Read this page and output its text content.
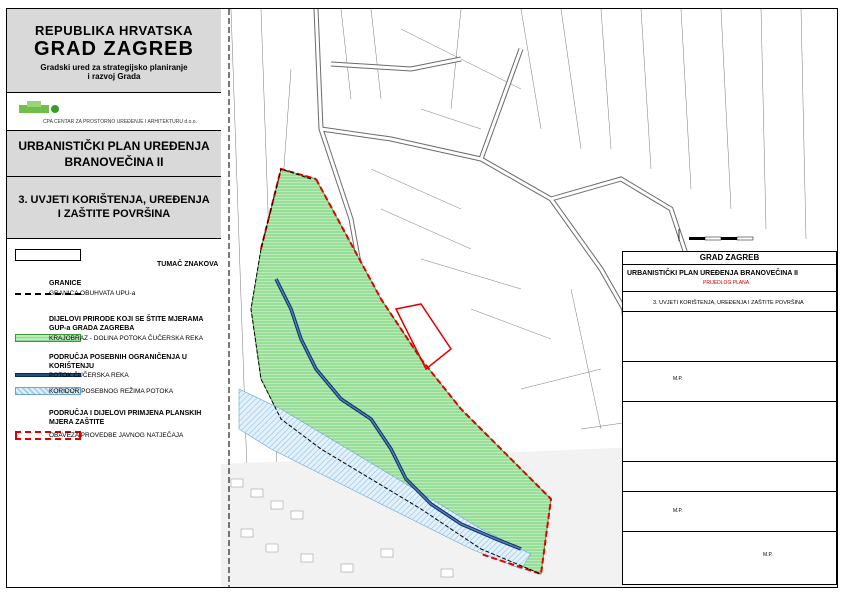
REPUBLIKA HRVATSKA
GRAD ZAGREB
Gradski ured za strategijsko planiranje
i razvoj Grada
CPA CENTAR ZA PROSTORNO UREĐENJE I ARHITEKTURU d.o.o.
URBANISTIČKI PLAN UREĐENJA BRANOVEČINA II
3. UVJETI KORIŠTENJA, UREĐENJA I ZAŠTITE POVRŠINA
TUMAČ ZNAKOVA
GRANICE
GRANICA OBUHVATA UPU-a
DIJELOVI PRIRODE KOJI SE ŠTITE MJERAMA GUP-a GRADA ZAGREBA
KRAJOBRAZ - DOLINA POTOKA ČUČERSKA REKA
PODRUČJA POSEBNIH OGRANIČENJA U KORIŠTENJU
POTOK ČUČERSKA REKA
KORIDOR POSEBNOG REŽIMA POTOKA
PODRUČJA I DIJELOVI PRIMJENA PLANSKIH MJERA ZAŠTITE
OBAVEZA PROVEDBE JAVNOG NATJEČAJA
GRAD ZAGREB
URBANISTIČKI PLAN UREĐENJA BRANOVEČINA II
PRIJEDLOG PLANA
3. UVJETI KORIŠTENJA, UREĐENJA I ZAŠTITE POVRŠINA
M.P.
M.P.
M.P.
